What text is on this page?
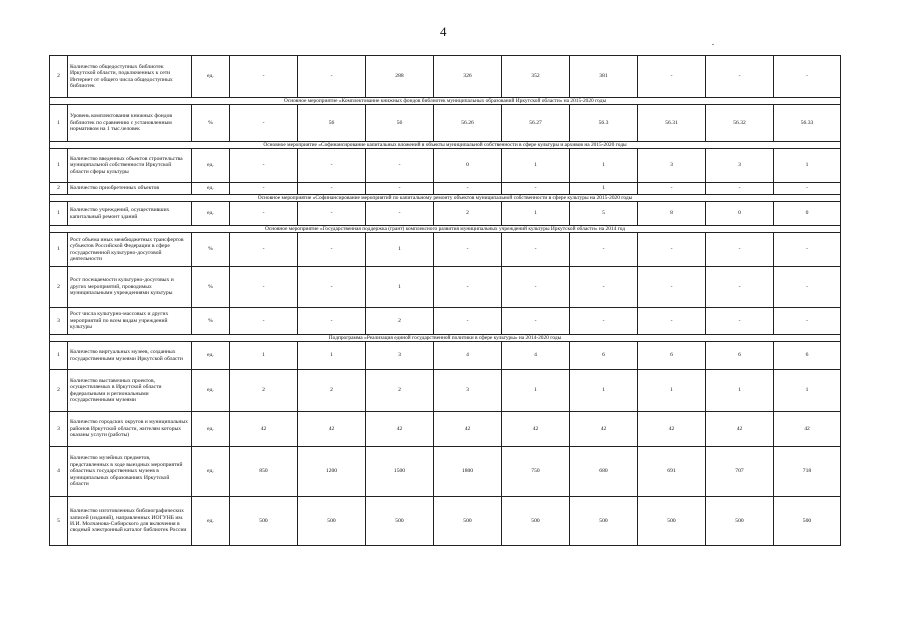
4
2	Количество общедоступных библиотек Иркутской области, подключенных к сети Интернет от общего числа общедоступных библиотек	ед.	-	-	288	326	352	381	-	-	-
Основное мероприятие «Комплектование книжных фондов библиотек муниципальных образований Иркутской области» на 2015-2020 годы											
1	Уровень комплектования книжных фондов библиотек по сравнению с установленным нормативом на 1 тыс.человек	%	-	56	56	56.26	56.27	56.3	56.31	56.32	56.33
Основное мероприятие «Софинансирование капитальных вложений в объекты муниципальной собственности в сфере культуры и архивов на 2015-2020 годы											
1	Количество введенных объектов строительства муниципальной собственности Иркутской области сферы культуры	ед.	-	-	-	0	1	1	3	3	1
2	Количество приобретенных объектов	ед.	-	-	-	-	-	1	-	-	-
Основное мероприятие «Софинансирование мероприятий по капитальному ремонту объектов муниципальной собственности в сфере культуры на 2015-2020 годы											
1	Количество учреждений, осуществивших капитальный ремонт зданий	ед.	-	-	-	2	1	5	8	0	0
Основное мероприятие «Государственная поддержка (грант) комплексного развития муниципальных учреждений культуры Иркутской области» на 2014 год											
1	Рост объема иных межбюджетных трансфертов субъектов Российской Федерации в сфере государственной культурно-досуговой деятельности	%	-	-	1	-	-	-	-	-	-
2	Рост посещаемости культурно-досуговых и других мероприятий, проводимых муниципальными учреждениями культуры	%	-	-	1	-	-	-	-	-	-
3	Рост числа культурно-массовых и других мероприятий по всем видам учреждений культуры	%	-	-	2	-	-	-	-	-	-
Подпрограмма «Реализация единой государственной политики в сфере культуры» на 2014-2020 годы											
1	Количество виртуальных музеев, созданных государственными музеями Иркутской области	ед.	1	1	3	4	4	6	6	6	6
2	Количество выставочных проектов, осуществляемых в Иркутской области федеральными и региональными государственными музеями	ед.	2	2	2	3	1	1	1	1	1
3	Количество городских округов и муниципальных районов Иркутской области, жителям которых оказаны услуги (работы)	ед.	42	42	42	42	42	42	42	42	42
4	Количество музейных предметов, представленных в ходе выездных мероприятий областных государственных музеев в муниципальных образованиях Иркутской области	ед.	850	1200	1500	1800	750	680	691	707	718
5	Количество изготовленных библиографических записей (изданий), направленных ИОГУНБ им. И.И. Молчанова-Сибирского для включения в сводный электронный каталог библиотек России	ед.	500	500	500	500	500	500	500	500	500
